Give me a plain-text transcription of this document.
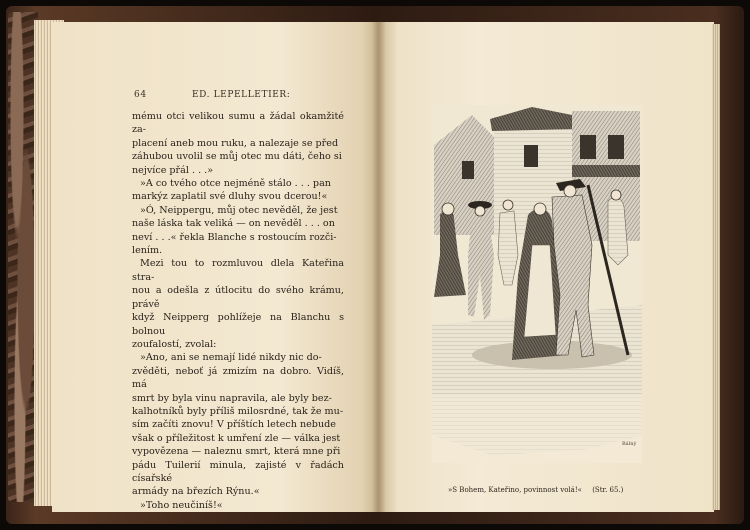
64	ED. LEPELLETIER:

mému otci velikou sumu a žádal okamžité za-

placení aneb mou ruku, a nalezaje se před

záhubou uvolil se můj otec mu dáti, čeho si

nejvíce přál . . .»

»A co tvého otce nejméně stálo . . . pan

markýz zaplatil své dluhy svou dcerou!«

»Ó, Neippergu, můj otec nevěděl, že jest

naše láska tak veliká — on nevěděl . . . on

neví . . .« řekla Blanche s rostoucím rozči-

lením.

Mezi tou to rozmluvou dlela Kateřina stra-

nou a odešla z útlocitu do svého krámu, právě

když Neipperg pohlížeje na Blanchu s bolnou

zoufalostí, zvolal:

»Ano, ani se nemají lidé nikdy nic do-

zvěděti, neboť já zmizím na dobro. Vidíš, má

smrt by byla vinu napravila, ale byly bez-

kalhotníků byly příliš milosrdné, tak že mu-

sím začíti znovu! V příštích letech nebude

však o příležitost k umření zle — válka jest

vypovězena — naleznu smrt, která mne při

pádu Tuilerií minula, zajisté v řadách císařské

armády na březích Rýnu.«

»Toho neučiníš!«

Bálný
»S Bohem, Kateřino, povinnost volá!« (Str. 65.)
